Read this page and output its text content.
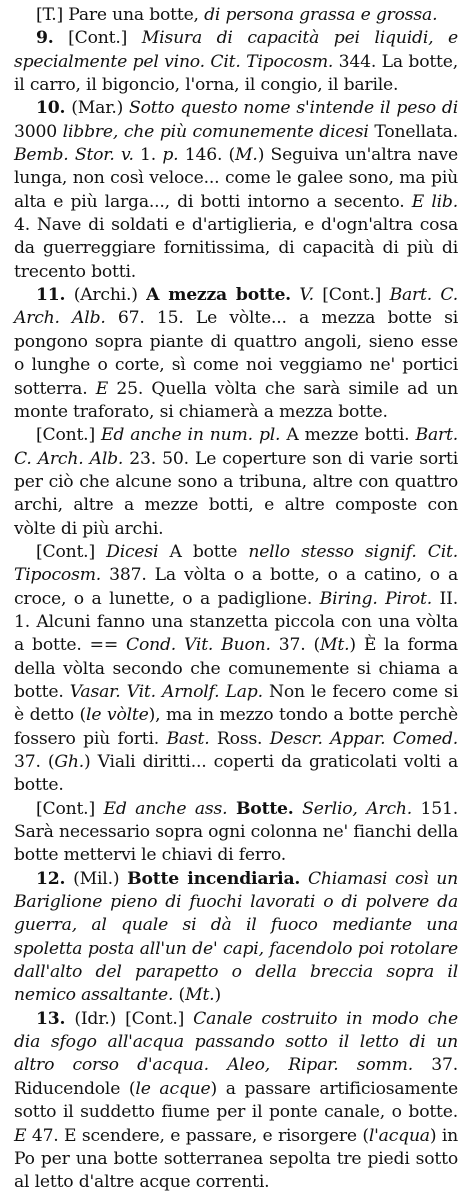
[T.] Pare una botte, di persona grassa e grossa.

9. [Cont.] Misura di capacità pei liquidi, e specialmente pel vino. Cit. Tipocosm. 344. La botte, il carro, il bigoncio, l'orna, il congio, il barile.

10. (Mar.) Sotto questo nome s'intende il peso di 3000 libbre, che più comunemente dicesi Tonellata. Bemb. Stor. v. 1. p. 146. (M.) Seguiva un'altra nave lunga, non così veloce... come le galee sono, ma più alta e più larga..., di botti intorno a secento. E lib. 4. Nave di soldati e d'artiglieria, e d'ogn'altra cosa da guerreggiare fornitissima, di capacità di più di trecento botti.

11. (Archi.) A mezza botte. V. [Cont.] Bart. C. Arch. Alb. 67. 15. Le vòlte... a mezza botte si pongono sopra piante di quattro angoli, sieno esse o lunghe o corte, sì come noi veggiamo ne' portici sotterra. E 25. Quella vòlta che sarà simile ad un monte traforato, si chiamerà a mezza botte.

[Cont.] Ed anche in num. pl. A mezze botti. Bart. C. Arch. Alb. 23. 50. Le coperture son di varie sorti per ciò che alcune sono a tribuna, altre con quattro archi, altre a mezze botti, e altre composte con vòlte di più archi.

[Cont.] Dicesi A botte nello stesso signif. Cit. Tipocosm. 387. La vòlta o a botte, o a catino, o a croce, o a lunette, o a padiglione. Biring. Pirot. II. 1. Alcuni fanno una stanzetta piccola con una vòlta a botte. == Cond. Vit. Buon. 37. (Mt.) È la forma della vòlta secondo che comunemente si chiama a botte. Vasar. Vit. Arnolf. Lap. Non le fecero come si è detto (le vòlte), ma in mezzo tondo a botte perchè fossero più forti. Bast. Ross. Descr. Appar. Comed. 37. (Gh.) Viali diritti... coperti da graticolati volti a botte.

[Cont.] Ed anche ass. Botte. Serlio, Arch. 151. Sarà necessario sopra ogni colonna ne' fianchi della botte mettervi le chiavi di ferro.

12. (Mil.) Botte incendiaria. Chiamasi così un Bariglione pieno di fuochi lavorati o di polvere da guerra, al quale si dà il fuoco mediante una spoletta posta all'un de' capi, facendolo poi rotolare dall'alto del parapetto o della breccia sopra il nemico assaltante. (Mt.)

13. (Idr.) [Cont.] Canale costruito in modo che dia sfogo all'acqua passando sotto il letto di un altro corso d'acqua. Aleo, Ripar. somm. 37. Riducendole (le acque) a passare artificiosamente sotto il suddetto fiume per il ponte canale, o botte. E 47. E scendere, e passare, e risorgere (l'acqua) in Po per una botte sotterranea sepolta tre piedi sotto al letto d'altre acque correnti.
